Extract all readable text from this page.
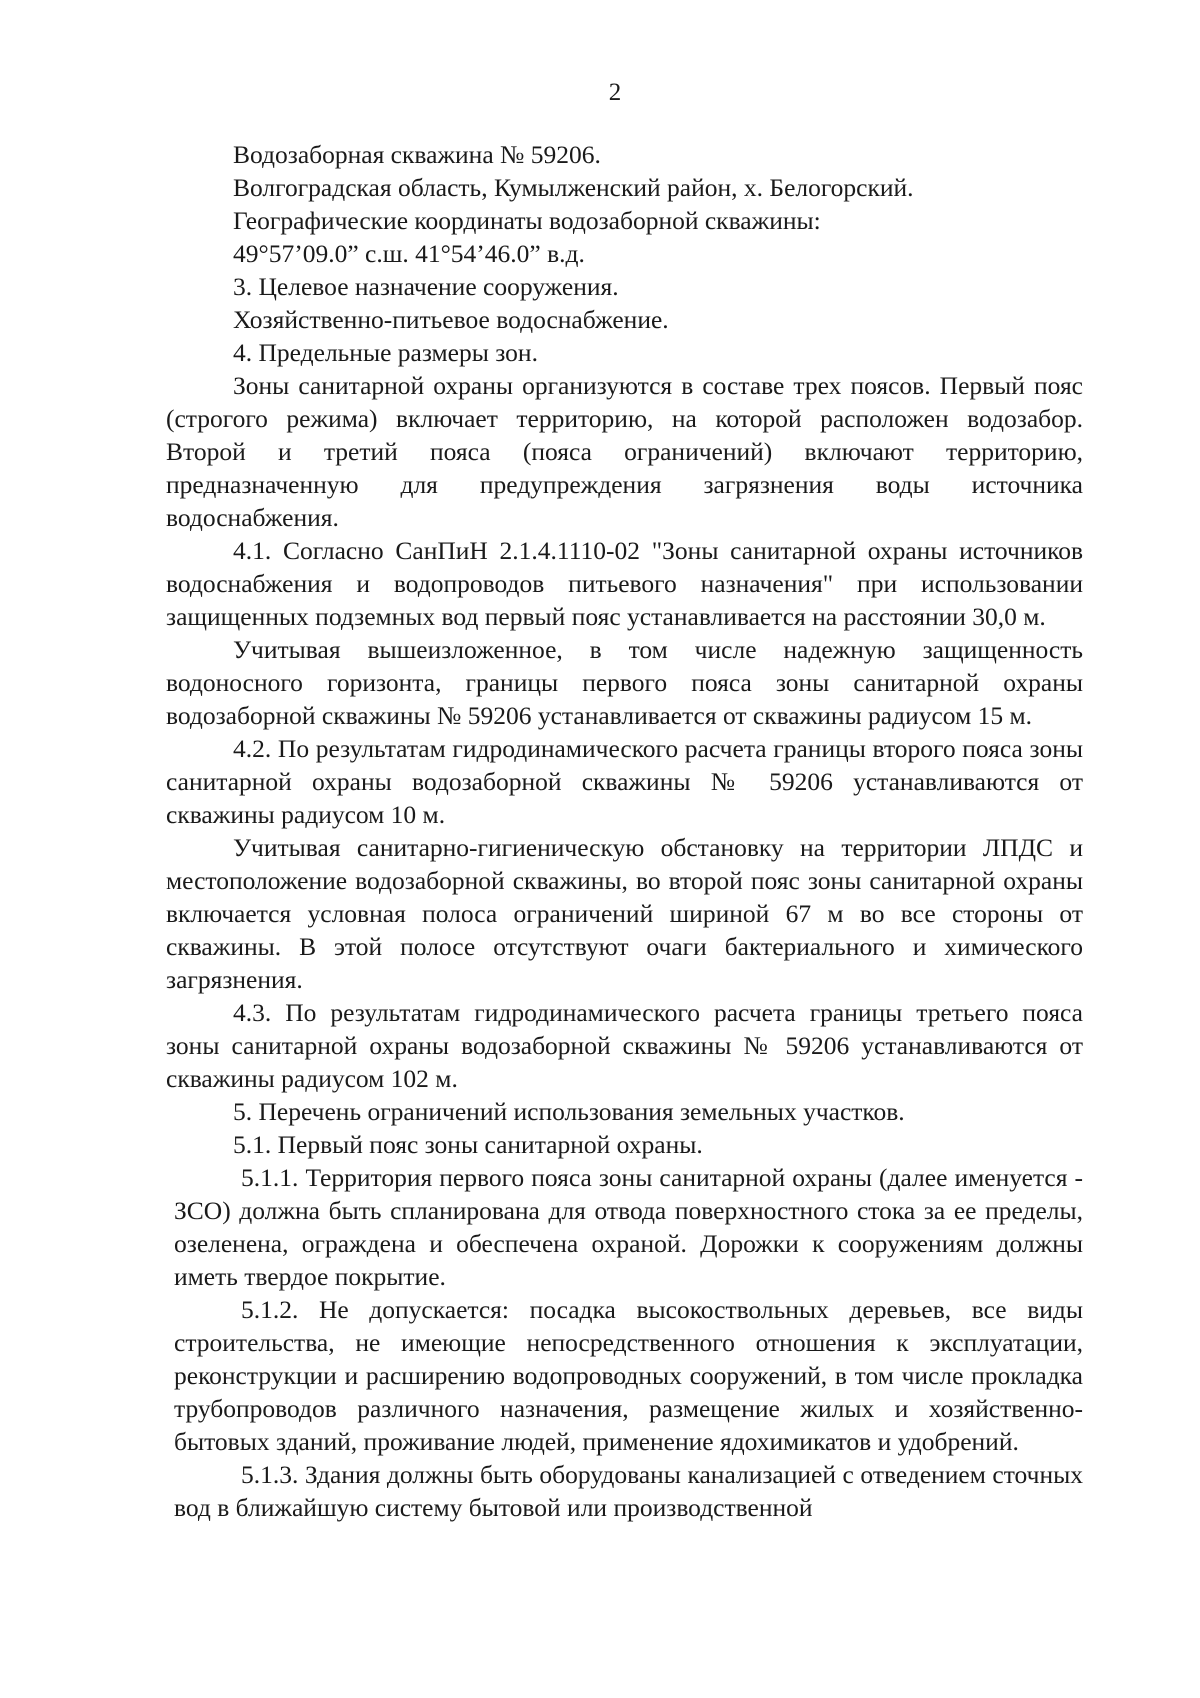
2

Водозаборная скважина № 59206.

Волгоградская область, Кумылженский район, х. Белогорский.

Географические координаты водозаборной скважины:

49°57’09.0” с.ш. 41°54’46.0” в.д.

3. Целевое назначение сооружения.

Хозяйственно-питьевое водоснабжение.

4. Предельные размеры зон.

Зоны санитарной охраны организуются в составе трех поясов. Первый пояс (строгого режима) включает территорию, на которой расположен водозабор. Второй и третий пояса (пояса ограничений) включают территорию, предназначенную для предупреждения загрязнения воды источника водоснабжения.

4.1. Согласно СанПиН 2.1.4.1110-02 "Зоны санитарной охраны источников водоснабжения и водопроводов питьевого назначения" при использовании защищенных подземных вод первый пояс устанавливается на расстоянии 30,0 м.

Учитывая вышеизложенное, в том числе надежную защищенность водоносного горизонта, границы первого пояса зоны санитарной охраны водозаборной скважины № 59206 устанавливается от скважины радиусом 15 м.

4.2. По результатам гидродинамического расчета границы второго пояса зоны санитарной охраны водозаборной скважины № 59206 устанавливаются от скважины радиусом 10 м.

Учитывая санитарно-гигиеническую обстановку на территории ЛПДС и местоположение водозаборной скважины, во второй пояс зоны санитарной охраны включается условная полоса ограничений шириной 67 м во все стороны от скважины. В этой полосе отсутствуют очаги бактериального и химического загрязнения.

4.3. По результатам гидродинамического расчета границы третьего пояса зоны санитарной охраны водозаборной скважины № 59206 устанавливаются от скважины радиусом 102 м.

5. Перечень ограничений использования земельных участков.

5.1. Первый пояс зоны санитарной охраны.

5.1.1. Территория первого пояса зоны санитарной охраны (далее именуется - ЗСО) должна быть спланирована для отвода поверхностного стока за ее пределы, озеленена, ограждена и обеспечена охраной. Дорожки к сооружениям должны иметь твердое покрытие.

5.1.2. Не допускается: посадка высокоствольных деревьев, все виды строительства, не имеющие непосредственного отношения к эксплуатации, реконструкции и расширению водопроводных сооружений, в том числе прокладка трубопроводов различного назначения, размещение жилых и хозяйственно-бытовых зданий, проживание людей, применение ядохимикатов и удобрений.

5.1.3. Здания должны быть оборудованы канализацией с отведением сточных вод в ближайшую систему бытовой или производственной
